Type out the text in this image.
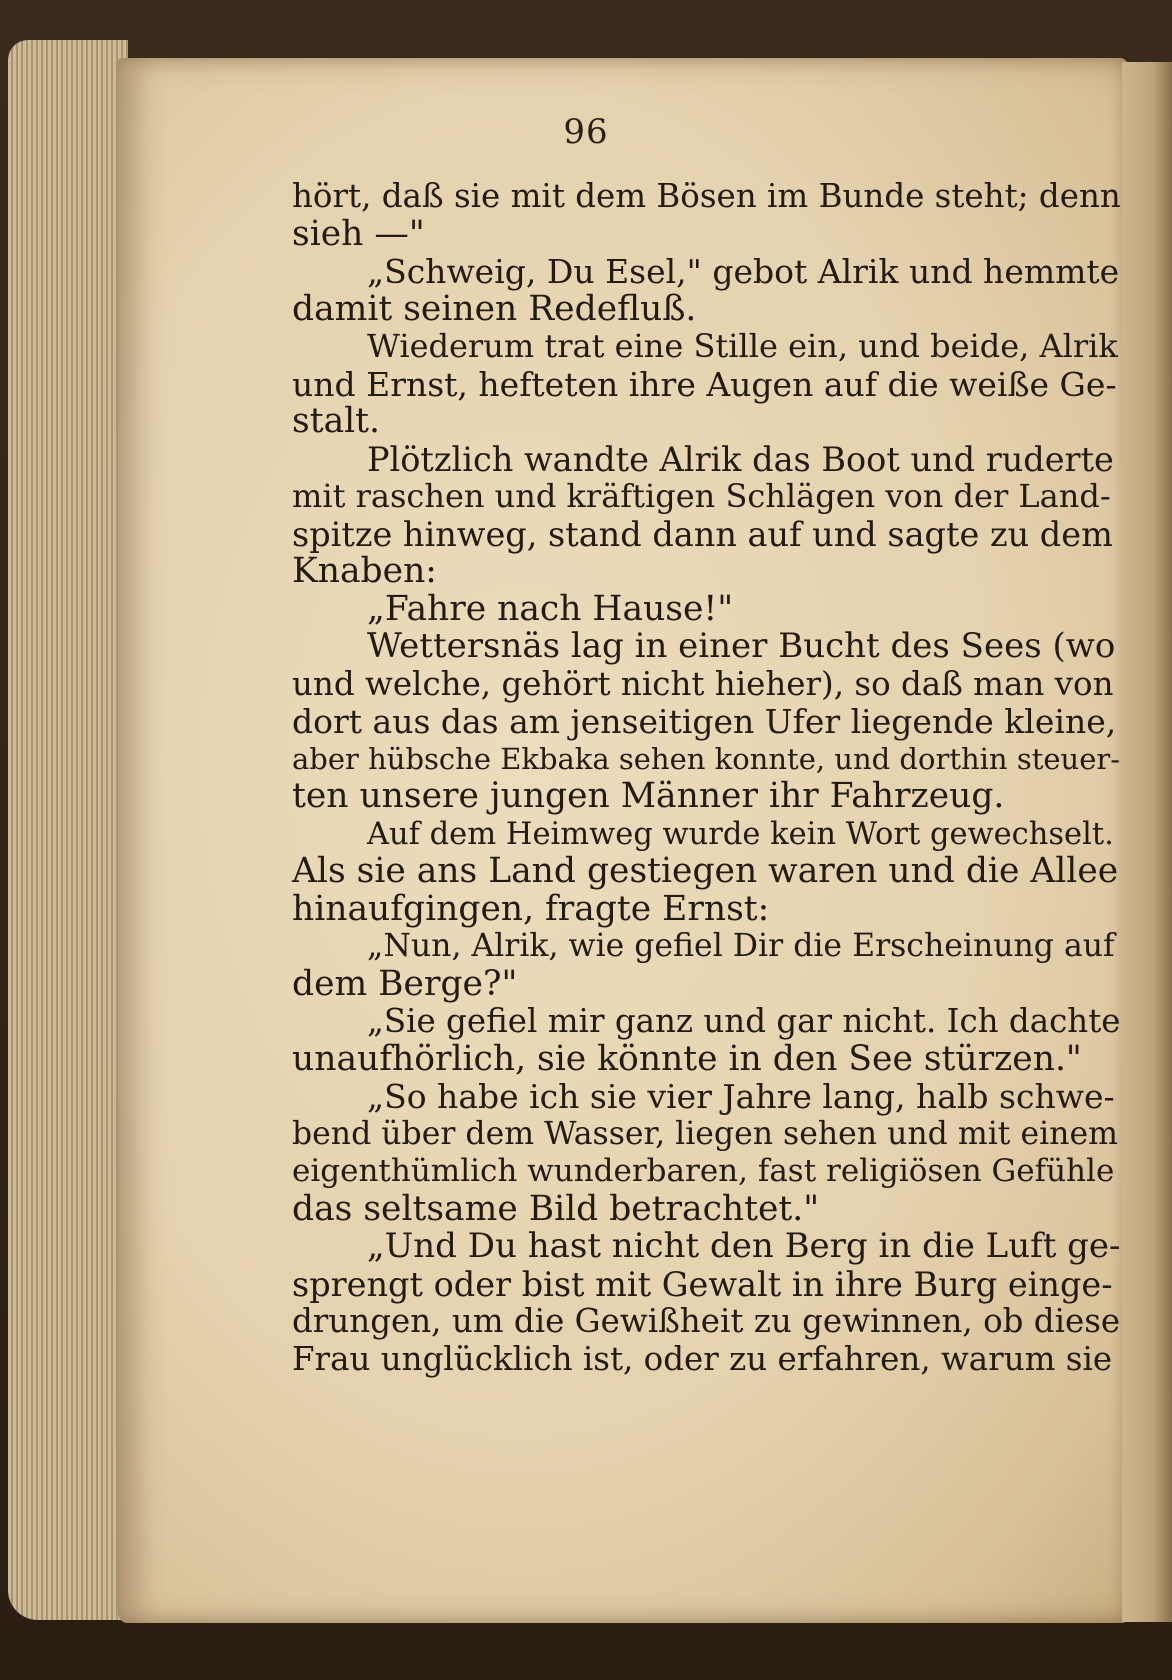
96
hört, daß sie mit dem Bösen im Bunde steht; denn
sieh —"
„Schweig, Du Esel," gebot Alrik und hemmte
damit seinen Redefluß.
Wiederum trat eine Stille ein, und beide, Alrik
und Ernst, hefteten ihre Augen auf die weiße Ge-
stalt.
Plötzlich wandte Alrik das Boot und ruderte
mit raschen und kräftigen Schlägen von der Land-
spitze hinweg, stand dann auf und sagte zu dem
Knaben:
„Fahre nach Hause!"
Wettersnäs lag in einer Bucht des Sees (wo
und welche, gehört nicht hieher), so daß man von
dort aus das am jenseitigen Ufer liegende kleine,
aber hübsche Ekbaka sehen konnte, und dorthin steuer-
ten unsere jungen Männer ihr Fahrzeug.
Auf dem Heimweg wurde kein Wort gewechselt.
Als sie ans Land gestiegen waren und die Allee
hinaufgingen, fragte Ernst:
„Nun, Alrik, wie gefiel Dir die Erscheinung auf
dem Berge?"
„Sie gefiel mir ganz und gar nicht. Ich dachte
unaufhörlich, sie könnte in den See stürzen."
„So habe ich sie vier Jahre lang, halb schwe-
bend über dem Wasser, liegen sehen und mit einem
eigenthümlich wunderbaren, fast religiösen Gefühle
das seltsame Bild betrachtet."
„Und Du hast nicht den Berg in die Luft ge-
sprengt oder bist mit Gewalt in ihre Burg einge-
drungen, um die Gewißheit zu gewinnen, ob diese
Frau unglücklich ist, oder zu erfahren, warum sie
